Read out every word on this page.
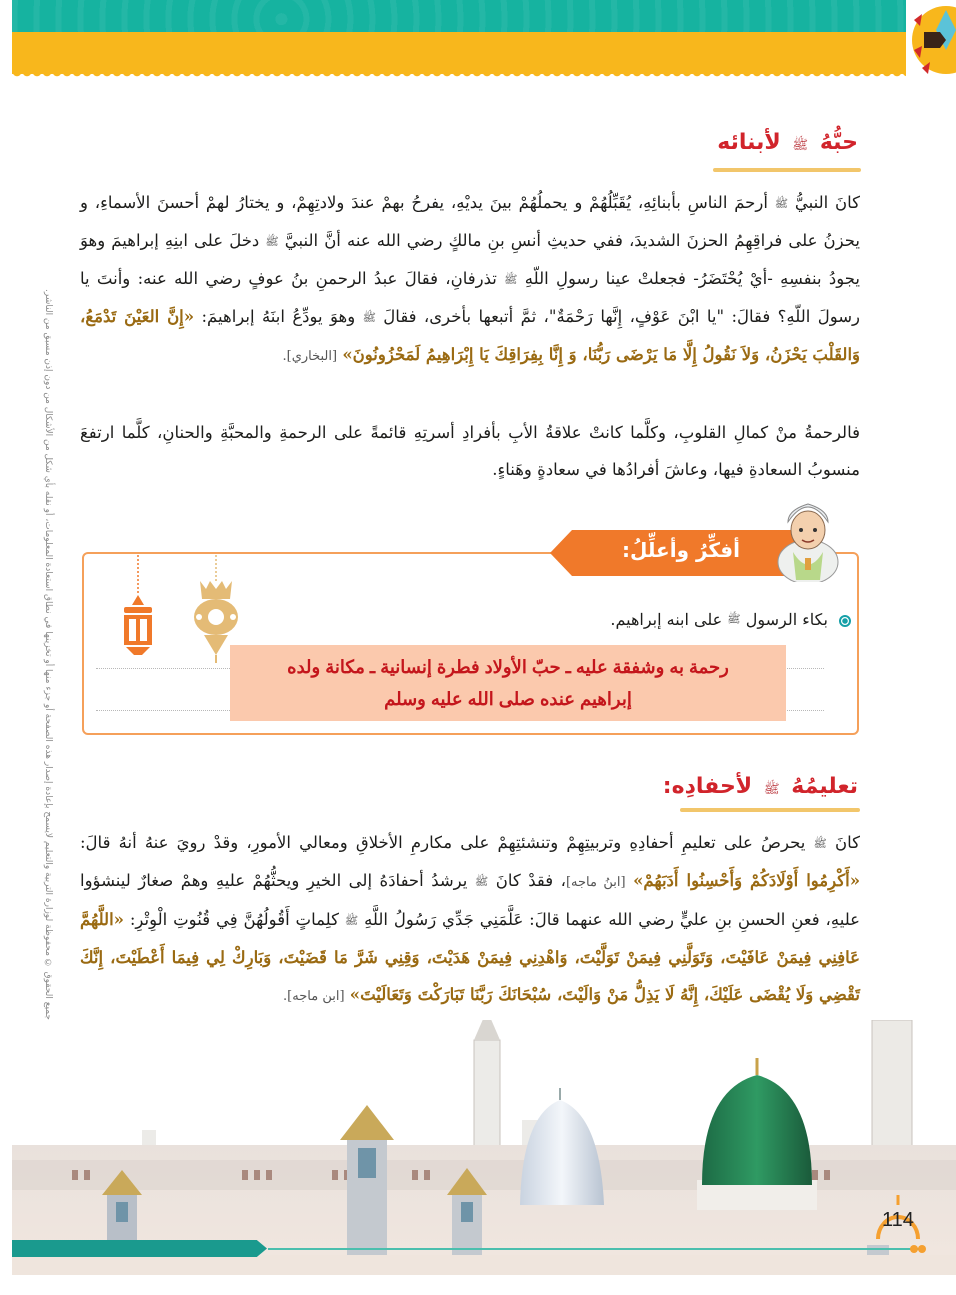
جميع الحقوق © محفوظة لوزارة التربية والتعليم لايسمح بإعادة إصدار هذه الصفحة أو جزء منها أو تخزينها في نطاق استعادة المعلومات، أو نقله بأي شكل من الأشكال من دون إذن مسبق من الناشر.
حبُّهُ ﷺ لأبنائه
كانَ النبيُّ ﷺ أرحمَ الناسِ بأبنائِهِ، يُقَبِّلُهُمْ و يحملُهُمْ بينَ يديْهِ، يفرحُ بهمْ عندَ ولادتِهِمْ، و يختارُ لهمْ أحسنَ الأسماءِ، و يحزنُ على فراقِهِمُ الحزنَ الشديدَ، ففي حديثِ أنسِ بنِ مالكٍ رضي الله عنه أنَّ النبيَّ ﷺ دخلَ على ابنِهِ إبراهيمَ وهوَ يجودُ بنفسِهِ -أيْ يُحْتَضَرُ- فجعلتْ عينا رسولِ اللّهِ ﷺ تذرفانِ، فقالَ عبدُ الرحمنِ بنُ عوفٍ رضي الله عنه: وأنتَ يا رسولَ اللّهِ؟ فقالَ: "يا ابْنَ عَوْفٍ، إِنَّها رَحْمَةٌ"، ثمَّ أتبعها بأخرى، فقالَ ﷺ وهوَ يودِّعُ ابنَهُ إبراهيمَ: «إِنَّ العَيْنَ تَدْمَعُ، وَالقَلْبَ يَحْزَنُ، وَلاَ نَقُولُ إِلَّا مَا يَرْضَى رَبُّنَا، وَ إِنَّا بِفِرَاقِكَ يَا إِبْرَاهِيمُ لَمَحْزُونُونَ» [البخاري].
فالرحمةُ منْ كمالِ القلوبِ، وكلَّما كانتْ علاقةُ الأبِ بأفرادِ أسرتِهِ قائمةً على الرحمةِ والمحبَّةِ والحنانِ، كلَّما ارتفعَ منسوبُ السعادةِ فيها، وعاشَ أفرادُها في سعادةٍ وهَناءٍ.
أفكِّرُ وأعلِّلُ:
بكاء الرسول ﷺ على ابنه إبراهيم.
رحمة به وشفقة عليه ـ حبّ الأولاد فطرة إنسانية ـ مكانة ولده
إبراهيم عنده صلى الله عليه وسلم
تعليمُهُ ﷺ لأحفادِه:
كانَ ﷺ يحرصُ على تعليمِ أحفادِهِ وتربيتِهِمْ وتنشئتِهِمْ على مكارمِ الأخلاقِ ومعالي الأمورِ، وقدْ رويَ عنهُ أنهُ قالَ: «أَكْرِمُوا أَوْلَادَكُمْ وَأَحْسِنُوا أَدَبَهُمْ» [ابنُ ماجه]، فقدْ كانَ ﷺ يرشدُ أحفادَهُ إلى الخيرِ ويحثُّهُمْ عليهِ وهمْ صغارٌ لينشؤوا عليهِ، فعنِ الحسنِ بنِ عليٍّ رضي الله عنهما قالَ: عَلَّمَنِي جَدِّي رَسُولُ اللَّهِ ﷺ كلِماتٍ أَقُولُهُنَّ فِي قُنُوتِ الْوِتْرِ: «اللَّهُمَّ عَافِنِي فِيمَنْ عَافَيْتَ، وَتَوَلَّنِي فِيمَنْ تَوَلَّيْتَ، وَاهْدِنِي فِيمَنْ هَدَيْتَ، وَقِنِي شَرَّ مَا قَضَيْتَ، وَبَارِكْ لِي فِيمَا أَعْطَيْتَ، إِنَّكَ تَقْضِي وَلَا يُقْضَى عَلَيْكَ، إِنَّهُ لَا يَذِلُّ مَنْ وَالَيْتَ، سُبْحَانَكَ رَبَّنَا تَبَارَكْتَ وَتَعَالَيْتَ» [ابن ماجه].
114
